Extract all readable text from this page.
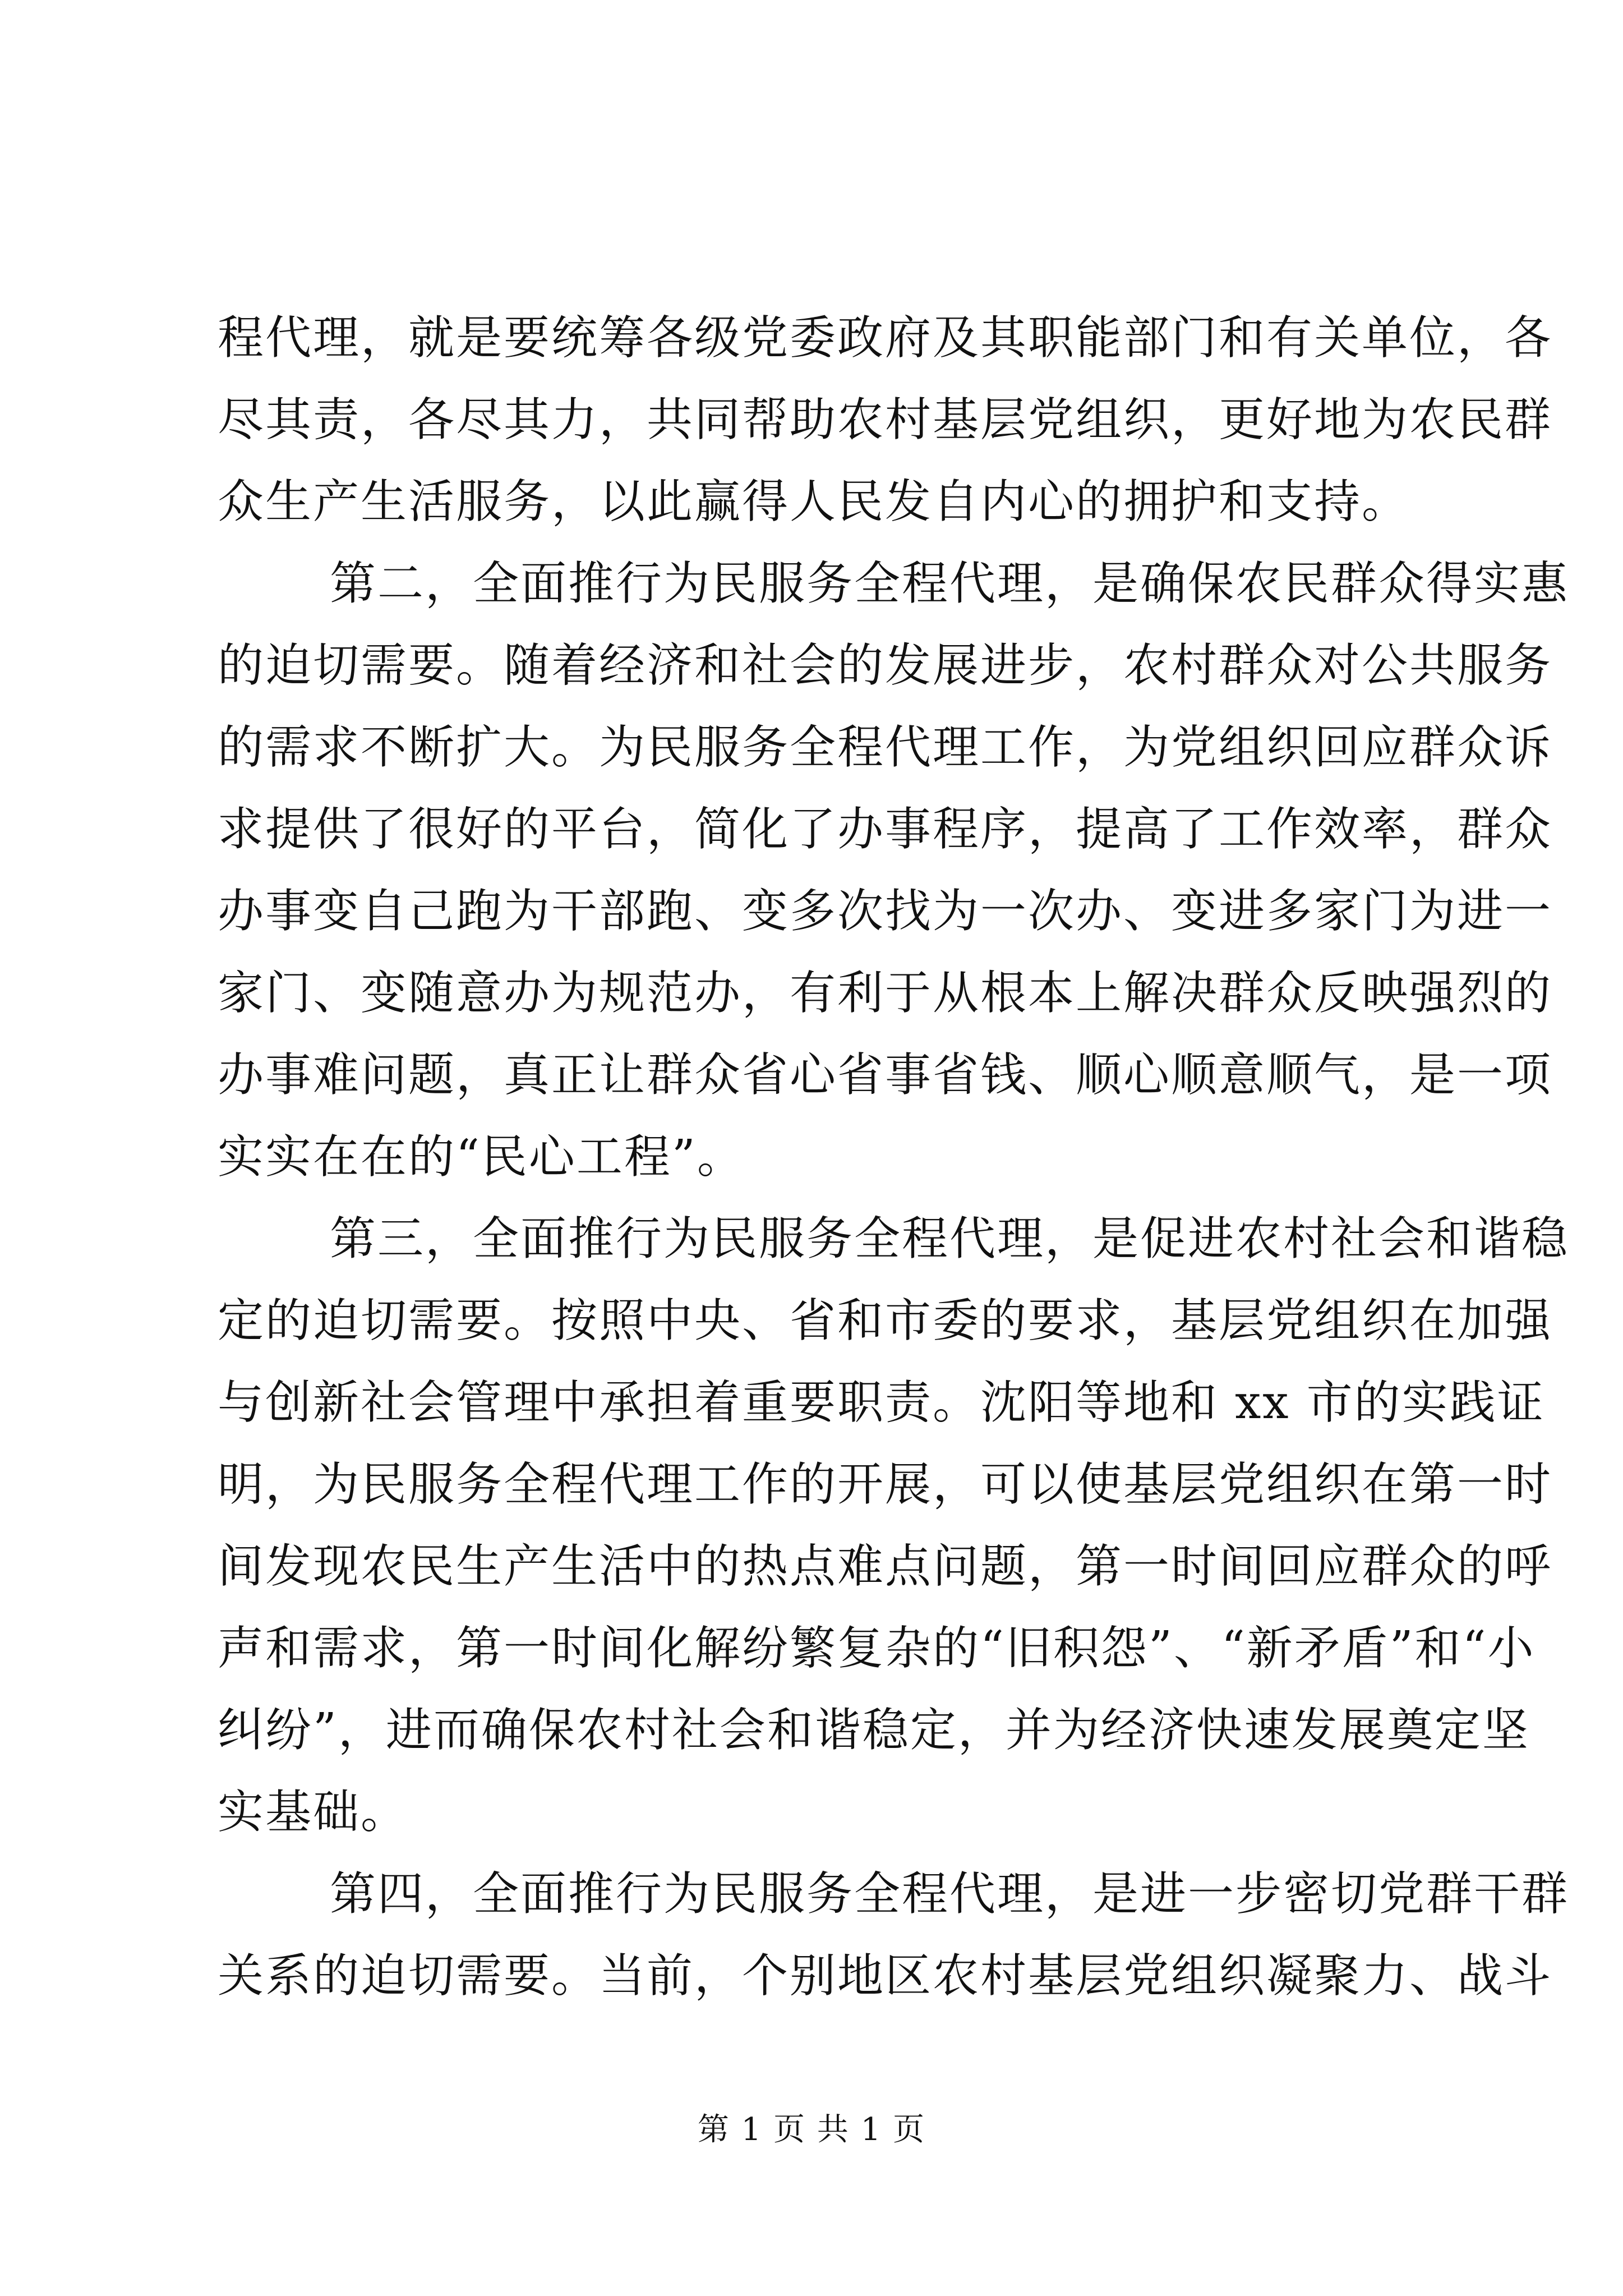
程代理，就是要统筹各级党委政府及其职能部门和有关单位，各
尽其责，各尽其力，共同帮助农村基层党组织，更好地为农民群
众生产生活服务，以此赢得人民发自内心的拥护和支持。
第二，全面推行为民服务全程代理，是确保农民群众得实惠
的迫切需要。随着经济和社会的发展进步，农村群众对公共服务
的需求不断扩大。为民服务全程代理工作，为党组织回应群众诉
求提供了很好的平台，简化了办事程序，提高了工作效率，群众
办事变自己跑为干部跑、变多次找为一次办、变进多家门为进一
家门、变随意办为规范办，有利于从根本上解决群众反映强烈的
办事难问题，真正让群众省心省事省钱、顺心顺意顺气，是一项
实实在在的“民心工程”。
第三，全面推行为民服务全程代理，是促进农村社会和谐稳
定的迫切需要。按照中央、省和市委的要求，基层党组织在加强
与创新社会管理中承担着重要职责。沈阳等地和 xx 市的实践证
明，为民服务全程代理工作的开展，可以使基层党组织在第一时
间发现农民生产生活中的热点难点问题，第一时间回应群众的呼
声和需求，第一时间化解纷繁复杂的“旧积怨”、“新矛盾”和“小
纠纷”，进而确保农村社会和谐稳定，并为经济快速发展奠定坚
实基础。
第四，全面推行为民服务全程代理，是进一步密切党群干群
关系的迫切需要。当前，个别地区农村基层党组织凝聚力、战斗
第 1 页 共 1 页
